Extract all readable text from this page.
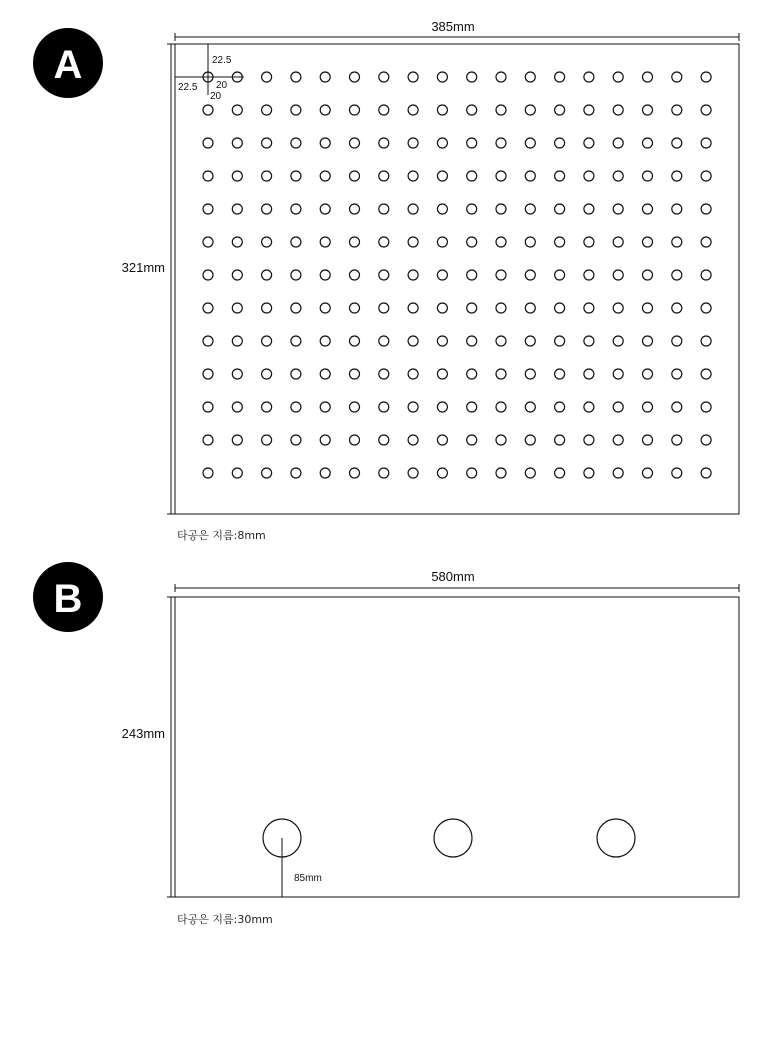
A
385mm
321mm
22.5
22.5 20
20
B
580mm
243mm
85mm
타공은 지름:8mm
타공은 지름:30mm
